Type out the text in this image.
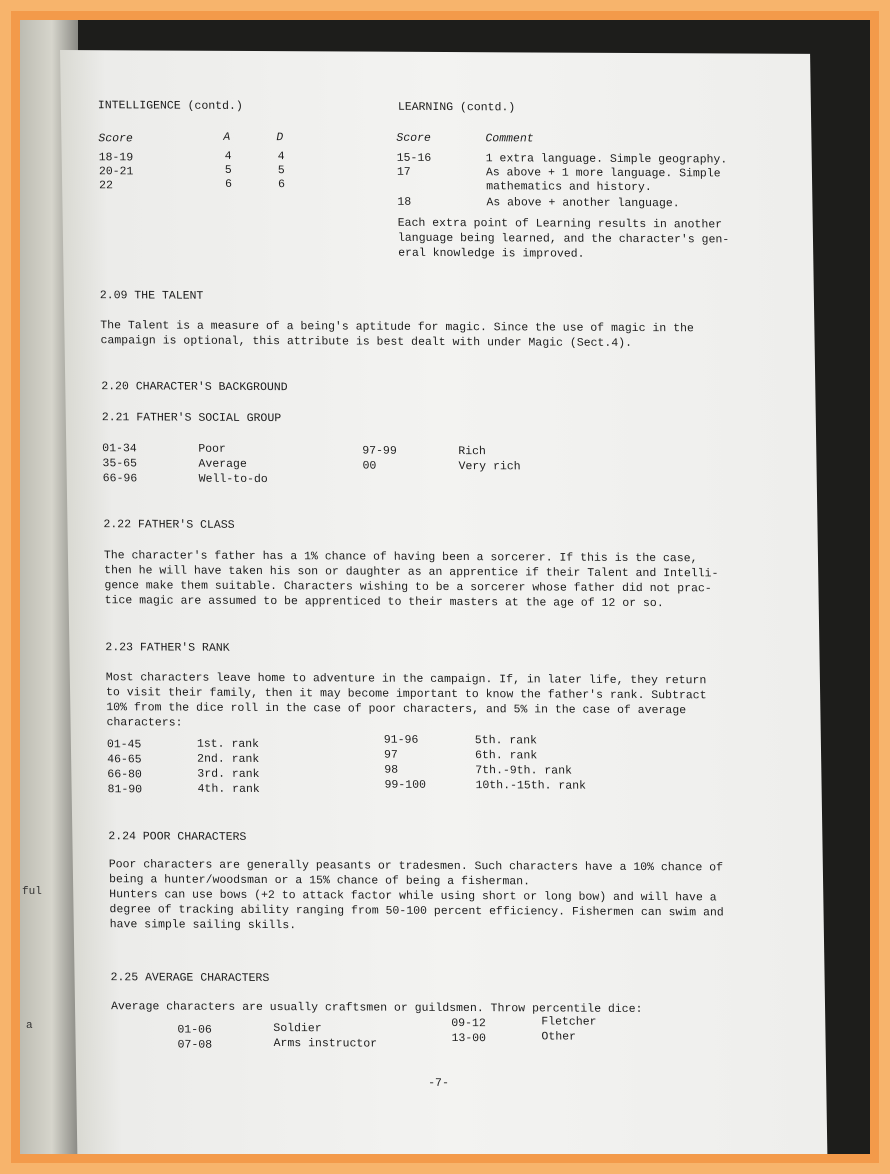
ful
a
INTELLIGENCE (contd.)
Score	A	D
18-19	4	4
20-21	5	5
22	6	6
LEARNING (contd.)
Score	Comment
15-16	1 extra language. Simple geography.
17	As above + 1 more language. Simple
mathematics and history.
18	As above + another language.
Each extra point of Learning results in another
language being learned, and the character's gen-
eral knowledge is improved.
2.09 THE TALENT
The Talent is a measure of a being's aptitude for magic. Since the use of magic in the
campaign is optional, this attribute is best dealt with under Magic (Sect.4).
2.20 CHARACTER'S BACKGROUND
2.21 FATHER'S SOCIAL GROUP
01-34	Poor
35-65	Average
66-96	Well-to-do
97-99	Rich
00	Very rich
2.22 FATHER'S CLASS
The character's father has a 1% chance of having been a sorcerer. If this is the case,
then he will have taken his son or daughter as an apprentice if their Talent and Intelli-
gence make them suitable. Characters wishing to be a sorcerer whose father did not prac-
tice magic are assumed to be apprenticed to their masters at the age of 12 or so.
2.23 FATHER'S RANK
Most characters leave home to adventure in the campaign. If, in later life, they return
to visit their family, then it may become important to know the father's rank. Subtract
10% from the dice roll in the case of poor characters, and 5% in the case of average
characters:
01-45	1st. rank
46-65	2nd. rank
66-80	3rd. rank
81-90	4th. rank
91-96	5th. rank
97	6th. rank
98	7th.-9th. rank
99-100	10th.-15th. rank
2.24 POOR CHARACTERS
Poor characters are generally peasants or tradesmen. Such characters have a 10% chance of
being a hunter/woodsman or a 15% chance of being a fisherman.
Hunters can use bows (+2 to attack factor while using short or long bow) and will have a
degree of tracking ability ranging from 50-100 percent efficiency. Fishermen can swim and
have simple sailing skills.
2.25 AVERAGE CHARACTERS
Average characters are usually craftsmen or guildsmen. Throw percentile dice:
01-06	Soldier
07-08	Arms instructor
09-12	Fletcher
13-00	Other
-7-
